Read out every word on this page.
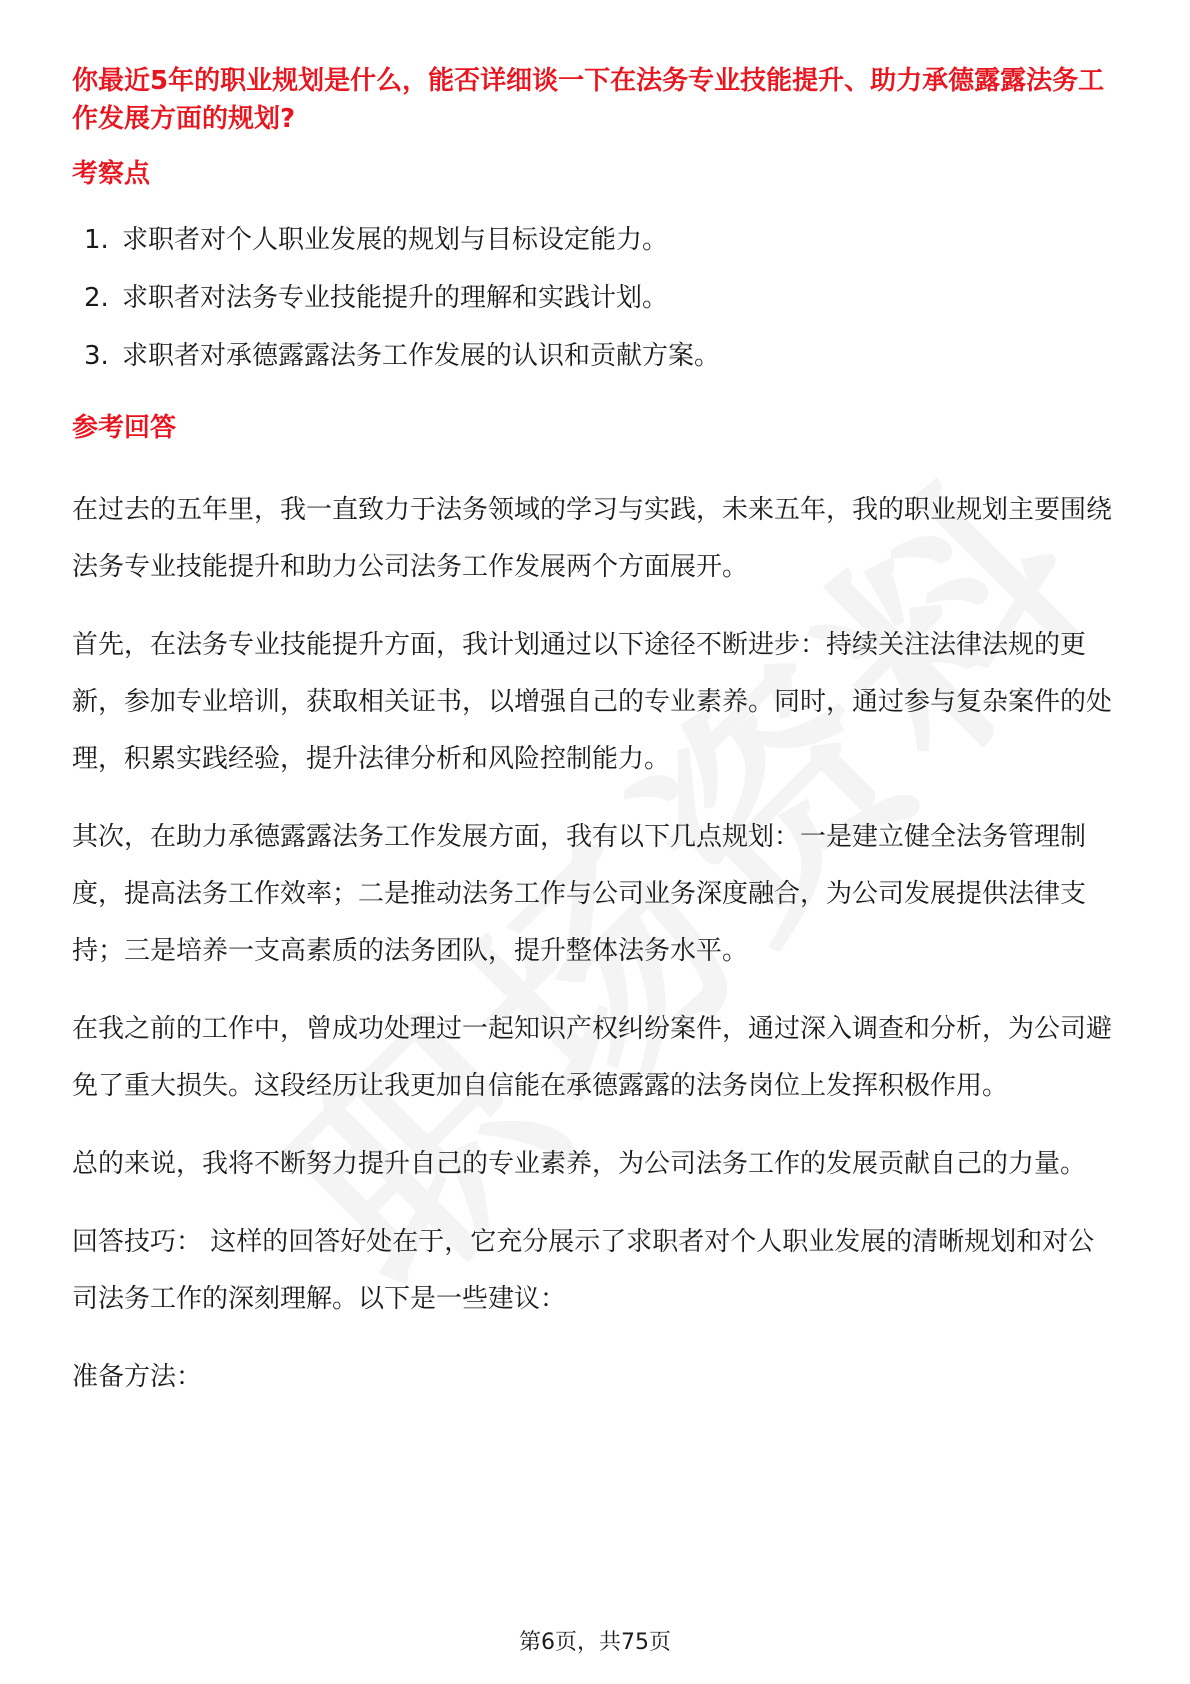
你最近5年的职业规划是什么，能否详细谈一下在法务专业技能提升、助力承德露露法务工作发展方面的规划?

考察点

1. 求职者对个人职业发展的规划与目标设定能力。
2. 求职者对法务专业技能提升的理解和实践计划。
3. 求职者对承德露露法务工作发展的认识和贡献方案。

参考回答

在过去的五年里，我一直致力于法务领域的学习与实践，未来五年，我的职业规划主要围绕法务专业技能提升和助力公司法务工作发展两个方面展开。

首先，在法务专业技能提升方面，我计划通过以下途径不断进步：持续关注法律法规的更新，参加专业培训，获取相关证书，以增强自己的专业素养。同时，通过参与复杂案件的处理，积累实践经验，提升法律分析和风险控制能力。

其次，在助力承德露露法务工作发展方面，我有以下几点规划：一是建立健全法务管理制度，提高法务工作效率；二是推动法务工作与公司业务深度融合，为公司发展提供法律支持；三是培养一支高素质的法务团队，提升整体法务水平。

在我之前的工作中，曾成功处理过一起知识产权纠纷案件，通过深入调查和分析，为公司避免了重大损失。这段经历让我更加自信能在承德露露的法务岗位上发挥积极作用。

总的来说，我将不断努力提升自己的专业素养，为公司法务工作的发展贡献自己的力量。

回答技巧： 这样的回答好处在于，它充分展示了求职者对个人职业发展的清晰规划和对公司法务工作的深刻理解。以下是一些建议：

准备方法：

第6页，共75页
